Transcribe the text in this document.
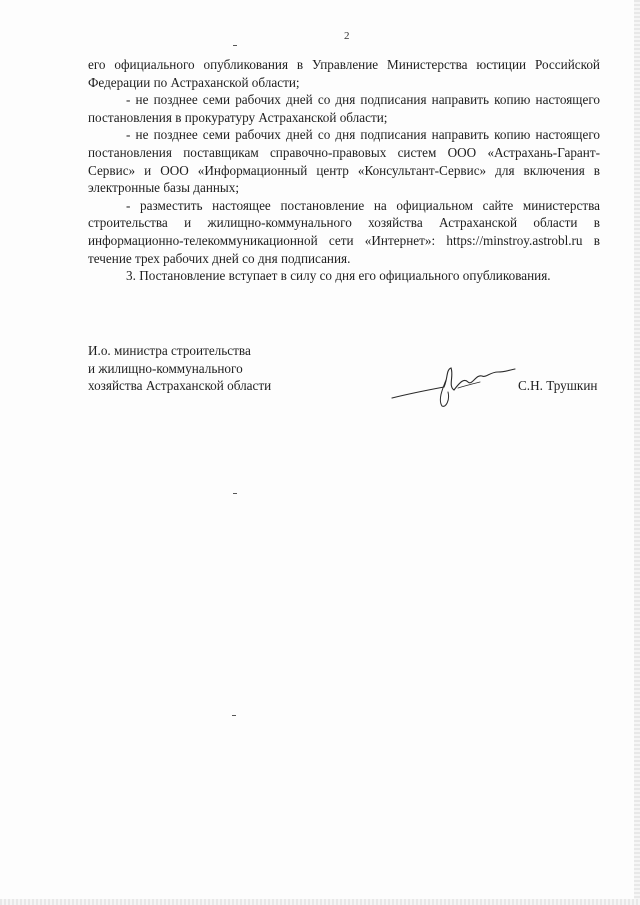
2

его официального опубликования в Управление Министерства юстиции Российской Федерации по Астраханской области;

- не позднее семи рабочих дней со дня подписания направить копию настоящего постановления в прокуратуру Астраханской области;

- не позднее семи рабочих дней со дня подписания направить копию настоящего постановления поставщикам справочно-правовых систем ООО «Астрахань-Гарант-Сервис» и ООО «Информационный центр «Консультант-Сервис» для включения в электронные базы данных;

- разместить настоящее постановление на официальном сайте министерства строительства и жилищно-коммунального хозяйства Астраханской области в информационно-телекоммуникационной сети «Интернет»: https://minstroy.astrobl.ru в течение трех рабочих дней со дня подписания.

3. Постановление вступает в силу со дня его официального опубликования.

И.о. министра строительства
и жилищно-коммунального
хозяйства Астраханской области	С.Н. Трушкин
